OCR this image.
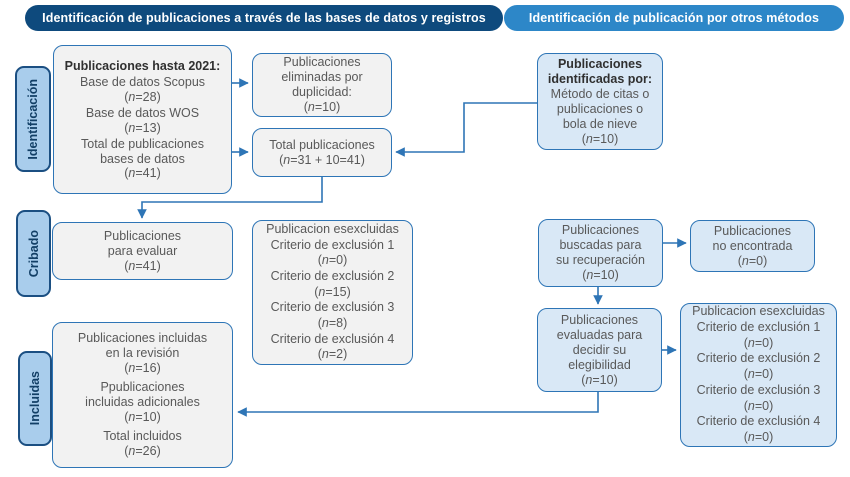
Identificación de publicaciones a través de las bases de datos y registros	Identificación de publicación por otros métodos
Identificación
Cribado
Incluidas
Publicaciones hasta 2021:
Base de datos Scopus
(n=28)
Base de datos WOS
(n=13)
Total de publicaciones
bases de datos
(n=41)
Publicaciones
eliminadas por
duplicidad:
(n=10)
Total publicaciones
(n=31 + 10=41)
Publicaciones
identificadas por:
Método de citas o
publicaciones o
bola de nieve
(n=10)
Publicaciones
para evaluar
(n=41)
Publicacion esexcluidas
Criterio de exclusión 1
(n=0)
Criterio de exclusión 2
(n=15)
Criterio de exclusión 3
(n=8)
Criterio de exclusión 4
(n=2)
Publicaciones
buscadas para
su recuperación
(n=10)
Publicaciones
no encontrada
(n=0)
Publicaciones
evaluadas para
decidir su
elegibilidad
(n=10)
Publicacion esexcluidas
Criterio de exclusión 1
(n=0)
Criterio de exclusión 2
(n=0)
Criterio de exclusión 3
(n=0)
Criterio de exclusión 4
(n=0)
Publicaciones incluidas
en la revisión
(n=16)
Ppublicaciones
incluidas adicionales
(n=10)
Total incluidos
(n=26)
